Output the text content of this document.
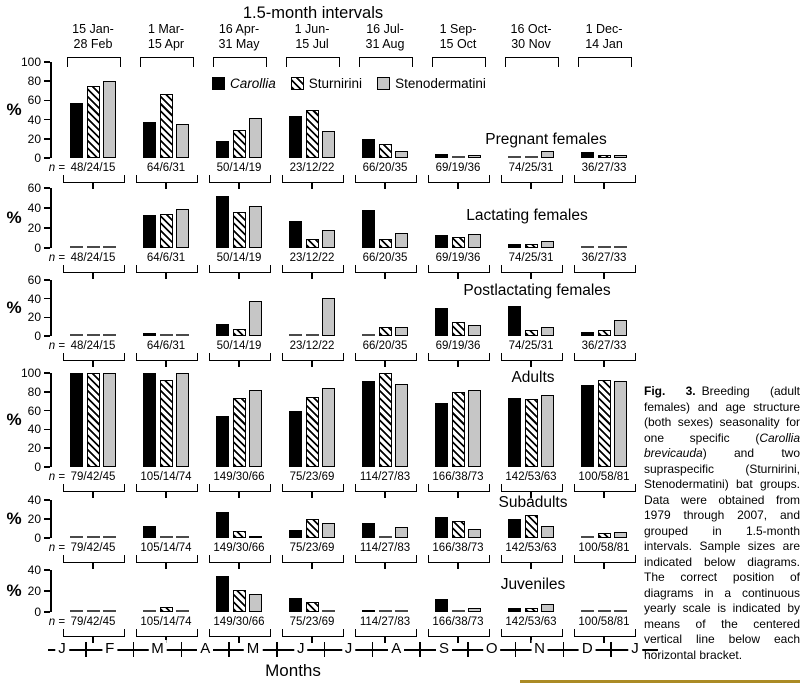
1.5-month intervals
Carollia Sturnirini Stenodermatini
15 Jan-
28 Feb
1 Mar-
15 Apr
16 Apr-
31 May
1 Jun-
15 Jul
16 Jul-
31 Aug
1 Sep-
15 Oct
16 Oct-
30 Nov
1 Dec-
14 Jan
%
0
20
40
60
80
100
n = 48/24/15	64/6/31	50/14/19 23/12/22 66/20/35 69/19/36 74/25/31 36/27/33
Pregnant females
%
0
20
40
60
n = 48/24/15	64/6/31	50/14/19 23/12/22 66/20/35 69/19/36 74/25/31 36/27/33
Lactating females
%
0
20
40
60
n = 48/24/15	64/6/31	50/14/19 23/12/22 66/20/35 69/19/36 74/25/31 36/27/33
Postlactating females
%
0
20
40
60
80
100
n = 79/42/45 105/14/74 149/30/66 75/23/69 114/27/83 166/38/73 142/53/63 100/58/81
Adults
%
0
20
40
n = 79/42/45 105/14/74 149/30/66 75/23/69 114/27/83 166/38/73 142/53/63 100/58/81
Subadults
%
0
20
40
n = 79/42/45 105/14/74 149/30/66 75/23/69 114/27/83 166/38/73 142/53/63 100/58/81
Juveniles
J	F M A M	J	J	A	S O N D	J
Fig. 3. Breeding (adult females) and age structure (both sexes) seasonality for one specific (Carollia brevicauda) and two supraspecific (Sturnirini, Stenodermatini) bat groups. Data were obtained from 1979 through 2007, and grouped in 1.5-month intervals. Sample sizes are indicated below diagrams. The correct position of diagrams in a continuous yearly scale is indicated by means of the centered vertical line below each horizontal bracket.
Months
